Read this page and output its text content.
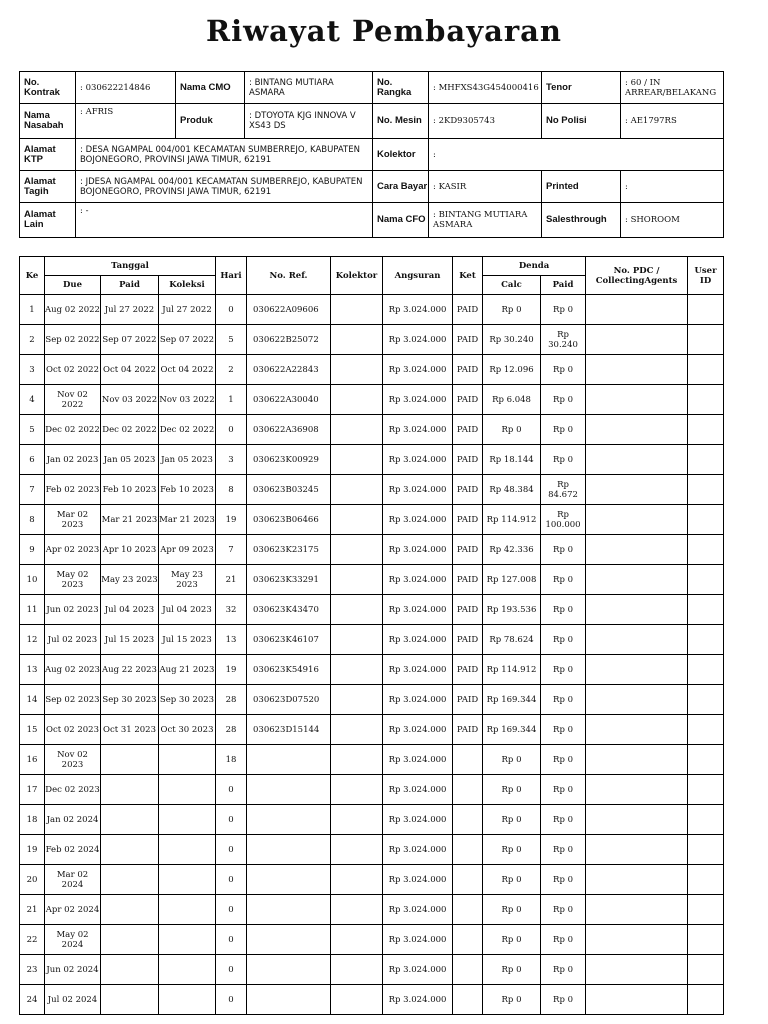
Riwayat Pembayaran
No. Kontrak	: 030622214846	Nama CMO	: BINTANG MUTIARA ASMARA	No. Rangka	: MHFXS43G454000416	Tenor	: 60 / IN ARREAR/BELAKANG
Nama Nasabah	: AFRIS	Produk	: DTOYOTA KJG INNOVA V XS43 DS	No. Mesin	: 2KD9305743	No Polisi	: AE1797RS
Alamat KTP	: DESA NGAMPAL 004/001 KECAMATAN SUMBERREJO, KABUPATEN BOJONEGORO, PROVINSI JAWA TIMUR, 62191			Kolektor	:		
Alamat Tagih	: JDESA NGAMPAL 004/001 KECAMATAN SUMBERREJO, KABUPATEN BOJONEGORO, PROVINSI JAWA TIMUR, 62191			Cara Bayar	: KASIR	Printed	:
Alamat Lain	: -			Nama CFO	: BINTANG MUTIARA ASMARA	Salesthrough	: SHOROOM
Ke	Tanggal			Hari	No. Ref.	Kolektor	Angsuran	Ket	Denda		No. PDC / CollectingAgents	User ID
	Due	Paid	Koleksi						Calc	Paid		
1	Aug 02 2022	Jul 27 2022	Jul 27 2022	0	030622A09606		Rp 3.024.000	PAID	Rp 0	Rp 0		
2	Sep 02 2022	Sep 07 2022	Sep 07 2022	5	030622B25072		Rp 3.024.000	PAID	Rp 30.240	Rp 30.240		
3	Oct 02 2022	Oct 04 2022	Oct 04 2022	2	030622A22843		Rp 3.024.000	PAID	Rp 12.096	Rp 0		
4	Nov 02 2022	Nov 03 2022	Nov 03 2022	1	030622A30040		Rp 3.024.000	PAID	Rp 6.048	Rp 0		
5	Dec 02 2022	Dec 02 2022	Dec 02 2022	0	030622A36908		Rp 3.024.000	PAID	Rp 0	Rp 0		
6	Jan 02 2023	Jan 05 2023	Jan 05 2023	3	030623K00929		Rp 3.024.000	PAID	Rp 18.144	Rp 0		
7	Feb 02 2023	Feb 10 2023	Feb 10 2023	8	030623B03245		Rp 3.024.000	PAID	Rp 48.384	Rp 84.672		
8	Mar 02 2023	Mar 21 2023	Mar 21 2023	19	030623B06466		Rp 3.024.000	PAID	Rp 114.912	Rp 100.000		
9	Apr 02 2023	Apr 10 2023	Apr 09 2023	7	030623K23175		Rp 3.024.000	PAID	Rp 42.336	Rp 0		
10	May 02 2023	May 23 2023	May 23 2023	21	030623K33291		Rp 3.024.000	PAID	Rp 127.008	Rp 0		
11	Jun 02 2023	Jul 04 2023	Jul 04 2023	32	030623K43470		Rp 3.024.000	PAID	Rp 193.536	Rp 0		
12	Jul 02 2023	Jul 15 2023	Jul 15 2023	13	030623K46107		Rp 3.024.000	PAID	Rp 78.624	Rp 0		
13	Aug 02 2023	Aug 22 2023	Aug 21 2023	19	030623K54916		Rp 3.024.000	PAID	Rp 114.912	Rp 0		
14	Sep 02 2023	Sep 30 2023	Sep 30 2023	28	030623D07520		Rp 3.024.000	PAID	Rp 169.344	Rp 0		
15	Oct 02 2023	Oct 31 2023	Oct 30 2023	28	030623D15144		Rp 3.024.000	PAID	Rp 169.344	Rp 0		
16	Nov 02 2023			18			Rp 3.024.000		Rp 0	Rp 0		
17	Dec 02 2023			0			Rp 3.024.000		Rp 0	Rp 0		
18	Jan 02 2024			0			Rp 3.024.000		Rp 0	Rp 0		
19	Feb 02 2024			0			Rp 3.024.000		Rp 0	Rp 0		
20	Mar 02 2024			0			Rp 3.024.000		Rp 0	Rp 0		
21	Apr 02 2024			0			Rp 3.024.000		Rp 0	Rp 0		
22	May 02 2024			0			Rp 3.024.000		Rp 0	Rp 0		
23	Jun 02 2024			0			Rp 3.024.000		Rp 0	Rp 0		
24	Jul 02 2024			0			Rp 3.024.000		Rp 0	Rp 0		
